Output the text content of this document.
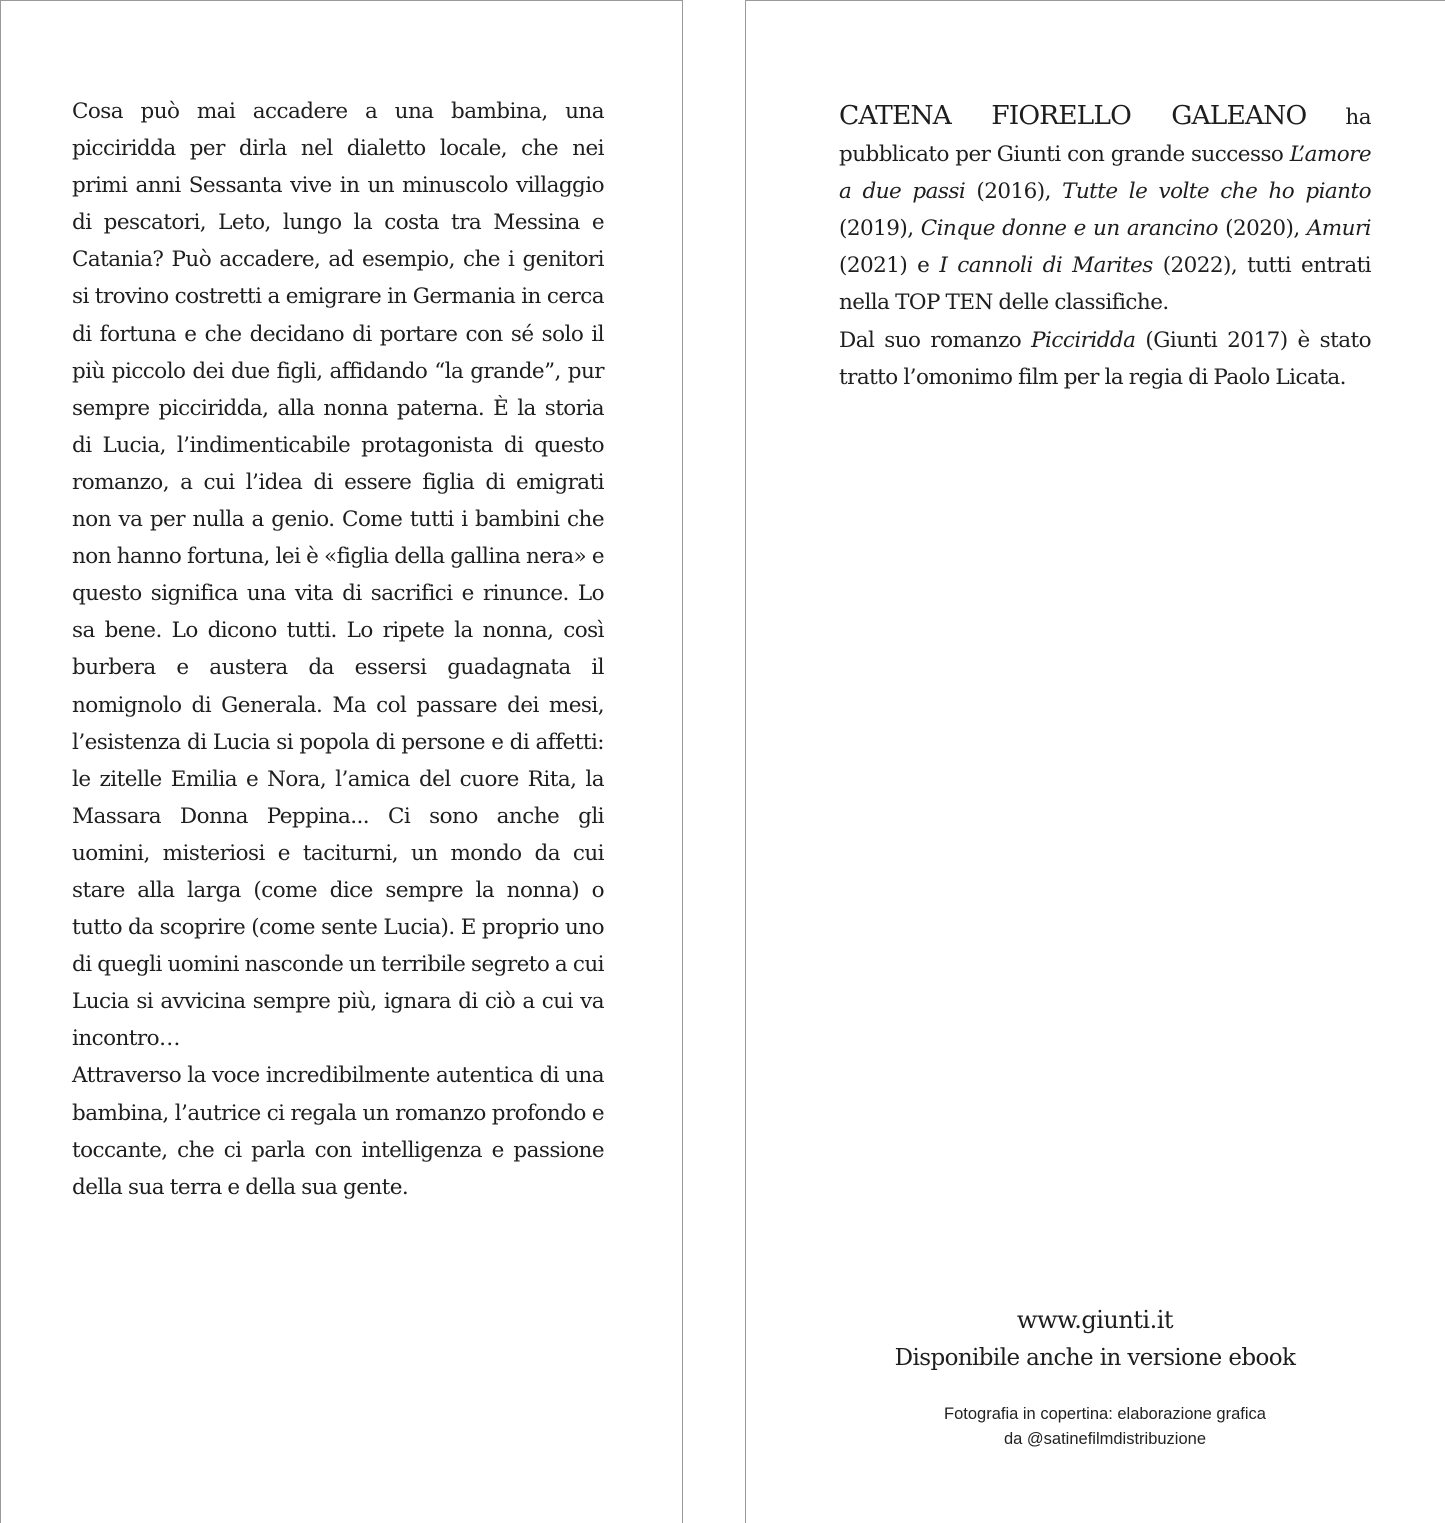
Cosa può mai accadere a una bambina, una picciridda per dirla nel dialetto locale, che nei primi anni Sessanta vive in un minuscolo villaggio di pescatori, Leto, lungo la costa tra Messina e Catania? Può accadere, ad esempio, che i genitori si trovino costretti a emigrare in Germania in cerca di fortuna e che decidano di portare con sé solo il più piccolo dei due figli, affidando “la grande”, pur sempre picciridda, alla nonna paterna. È la storia di Lucia, l’indimenticabile protagonista di questo romanzo, a cui l’idea di essere figlia di emigrati non va per nulla a genio. Come tutti i bambini che non hanno fortuna, lei è «figlia della gallina nera» e questo significa una vita di sacrifici e rinunce. Lo sa bene. Lo dicono tutti. Lo ripete la nonna, così burbera e austera da essersi guadagnata il nomignolo di Generala. Ma col passare dei mesi, l’esistenza di Lucia si popola di persone e di affetti: le zitelle Emilia e Nora, l’amica del cuore Rita, la Massara Donna Peppina... Ci sono anche gli uomini, misteriosi e taciturni, un mondo da cui stare alla larga (come dice sempre la nonna) o tutto da scoprire (come sente Lucia). E proprio uno di quegli uomini nasconde un terribile segreto a cui Lucia si avvicina sempre più, ignara di ciò a cui va incontro…

Attraverso la voce incredibilmente autentica di una bambina, l’autrice ci regala un romanzo profondo e toccante, che ci parla con intelligenza e passione della sua terra e della sua gente.

CATENA FIORELLO GALEANO ha pubblicato per Giunti con grande successo L’amore a due passi (2016), Tutte le volte che ho pianto (2019), Cinque donne e un arancino (2020), Amuri (2021) e I cannoli di Marites (2022), tutti entrati nella TOP TEN delle classifiche.

Dal suo romanzo Picciridda (Giunti 2017) è stato tratto l’omonimo film per la regia di Paolo Licata.

www.giunti.it
Disponibile anche in versione ebook
Fotografia in copertina: elaborazione grafica
da @satinefilmdistribuzione
